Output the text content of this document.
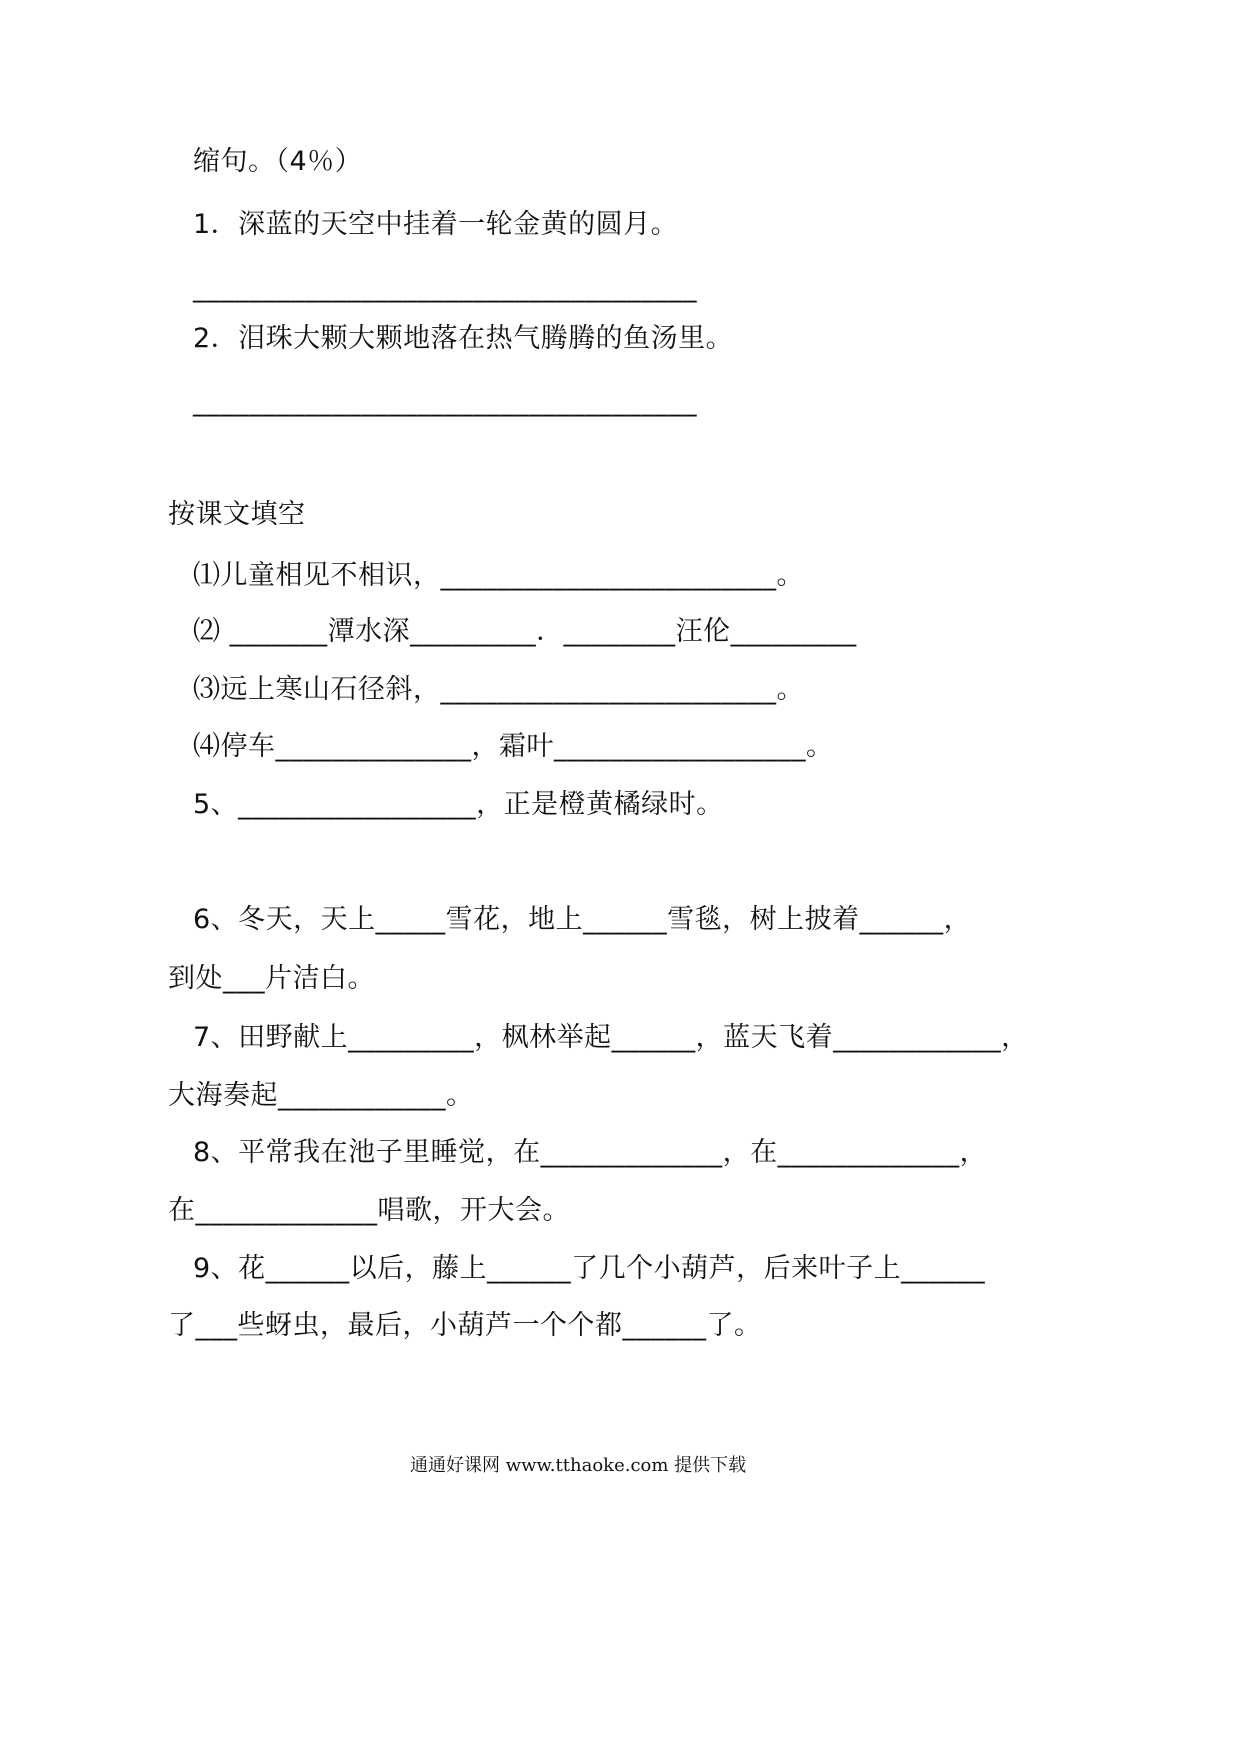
缩句。（4％）
1．深蓝的天空中挂着一轮金黄的圆月。
____________________________________
2．泪珠大颗大颗地落在热气腾腾的鱼汤里。
____________________________________
按课文填空
⑴儿童相见不相识，________________________。
⑵ _______潭水深_________．________汪伦_________
⑶远上寒山石径斜，________________________。
⑷停车______________，霜叶__________________。
5、_________________，正是橙黄橘绿时。
6、冬天，天上_____雪花，地上______雪毯，树上披着______，
到处___片洁白。
7、田野献上_________，枫林举起______，蓝天飞着____________，
大海奏起____________。
8、平常我在池子里睡觉，在_____________，在_____________，
在_____________唱歌，开大会。
9、花______以后，藤上______了几个小葫芦，后来叶子上______
了___些蚜虫，最后，小葫芦一个个都______了。
通通好课网 www.tthaoke.com 提供下载
